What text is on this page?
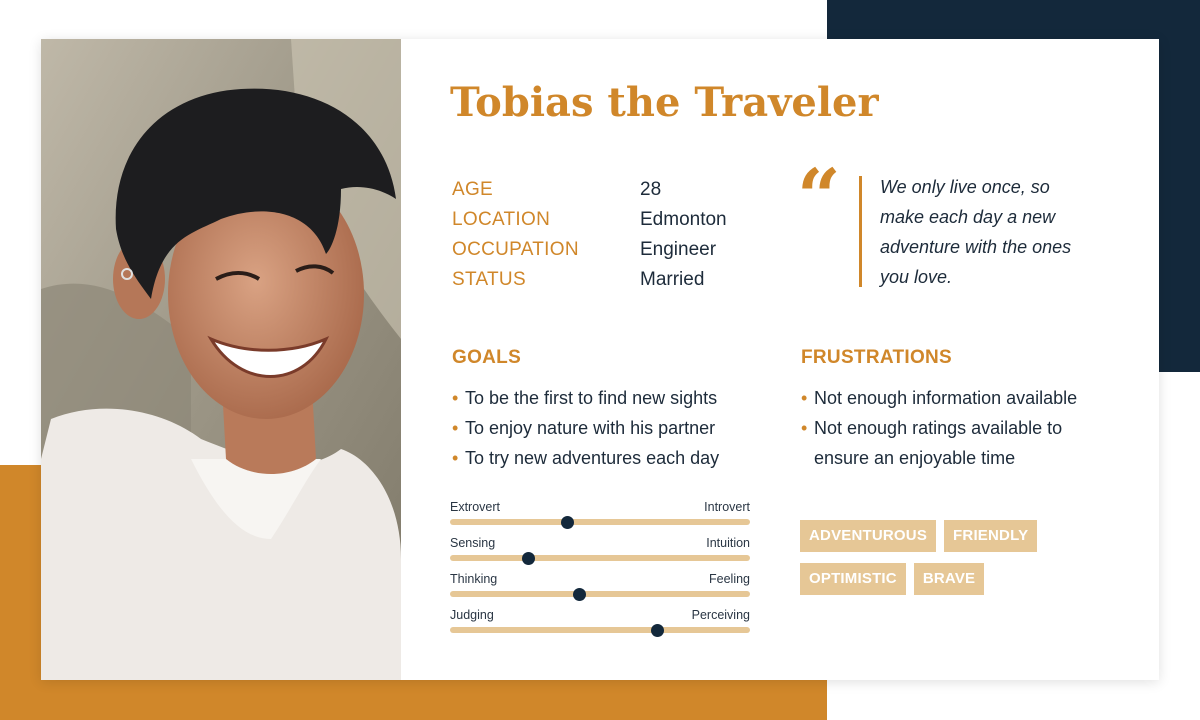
Tobias the Traveler
AGE	28
LOCATION	Edmonton
OCCUPATION	Engineer
STATUS	Married
“ We only live once, so make each day a new adventure with the ones you love.

GOALS
• To be the first to find new sights
• To enjoy nature with his partner
• To try new adventures each day
FRUSTRATIONS
• Not enough information available
• Not enough ratings available to ensure an enjoyable time
Extrovert	Introvert
Sensing	Intuition
Thinking	Feeling
Judging	Perceiving
ADVENTUROUS	FRIENDLY
OPTIMISTIC	BRAVE
